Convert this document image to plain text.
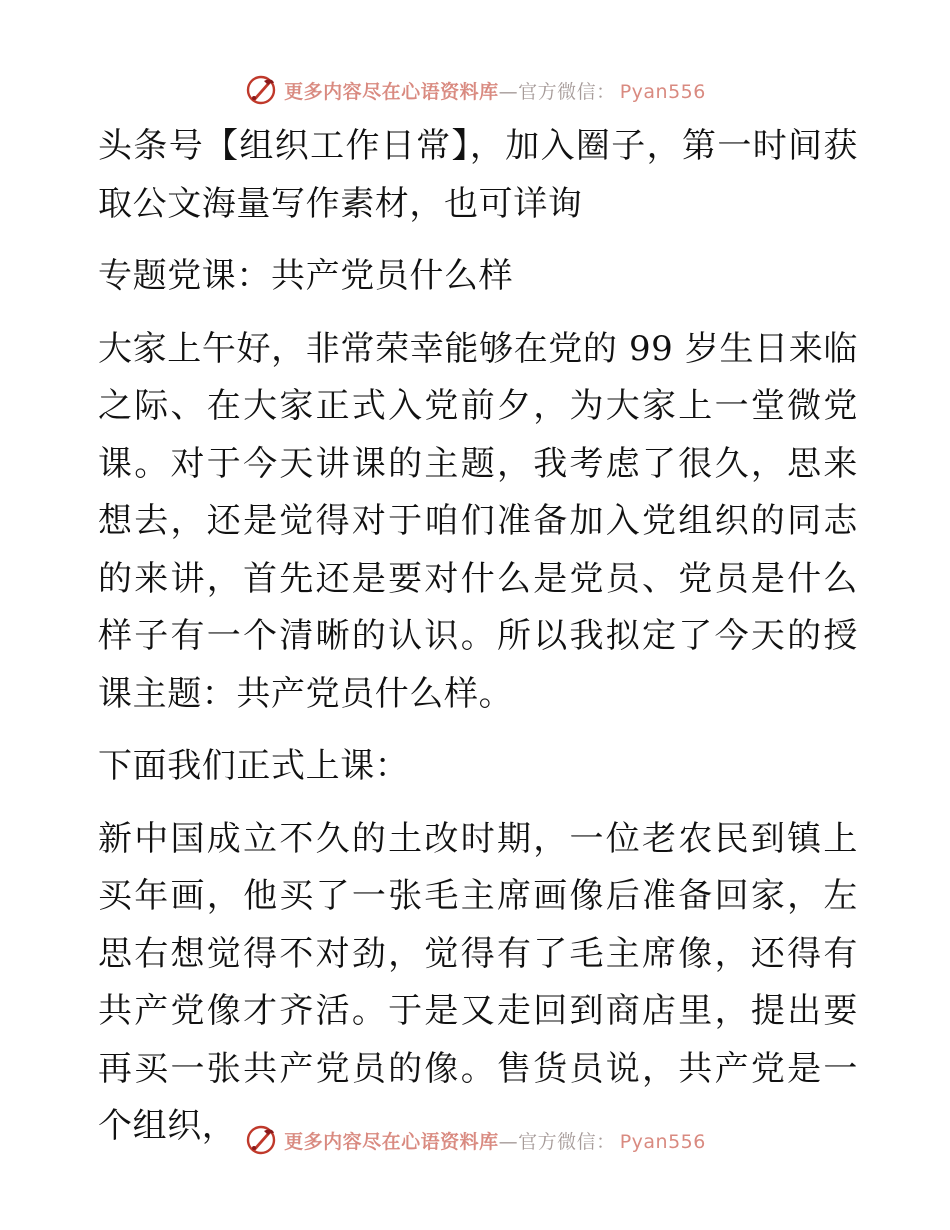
更多内容尽在心语资料库—官方微信： Pyan556

头条号【组织工作日常】，加入圈子，第一时间获取公文海量写作素材，也可详询

专题党课：共产党员什么样

大家上午好，非常荣幸能够在党的 99 岁生日来临之际、在大家正式入党前夕，为大家上一堂微党课。对于今天讲课的主题，我考虑了很久，思来想去，还是觉得对于咱们准备加入党组织的同志的来讲，首先还是要对什么是党员、党员是什么样子有一个清晰的认识。所以我拟定了今天的授课主题：共产党员什么样。

下面我们正式上课：

新中国成立不久的土改时期，一位老农民到镇上买年画，他买了一张毛主席画像后准备回家，左思右想觉得不对劲，觉得有了毛主席像，还得有共产党像才齐活。于是又走回到商店里，提出要再买一张共产党员的像。售货员说，共产党是一个组织，	更多内容尽在心语资料库—官方微信： Pyan556
